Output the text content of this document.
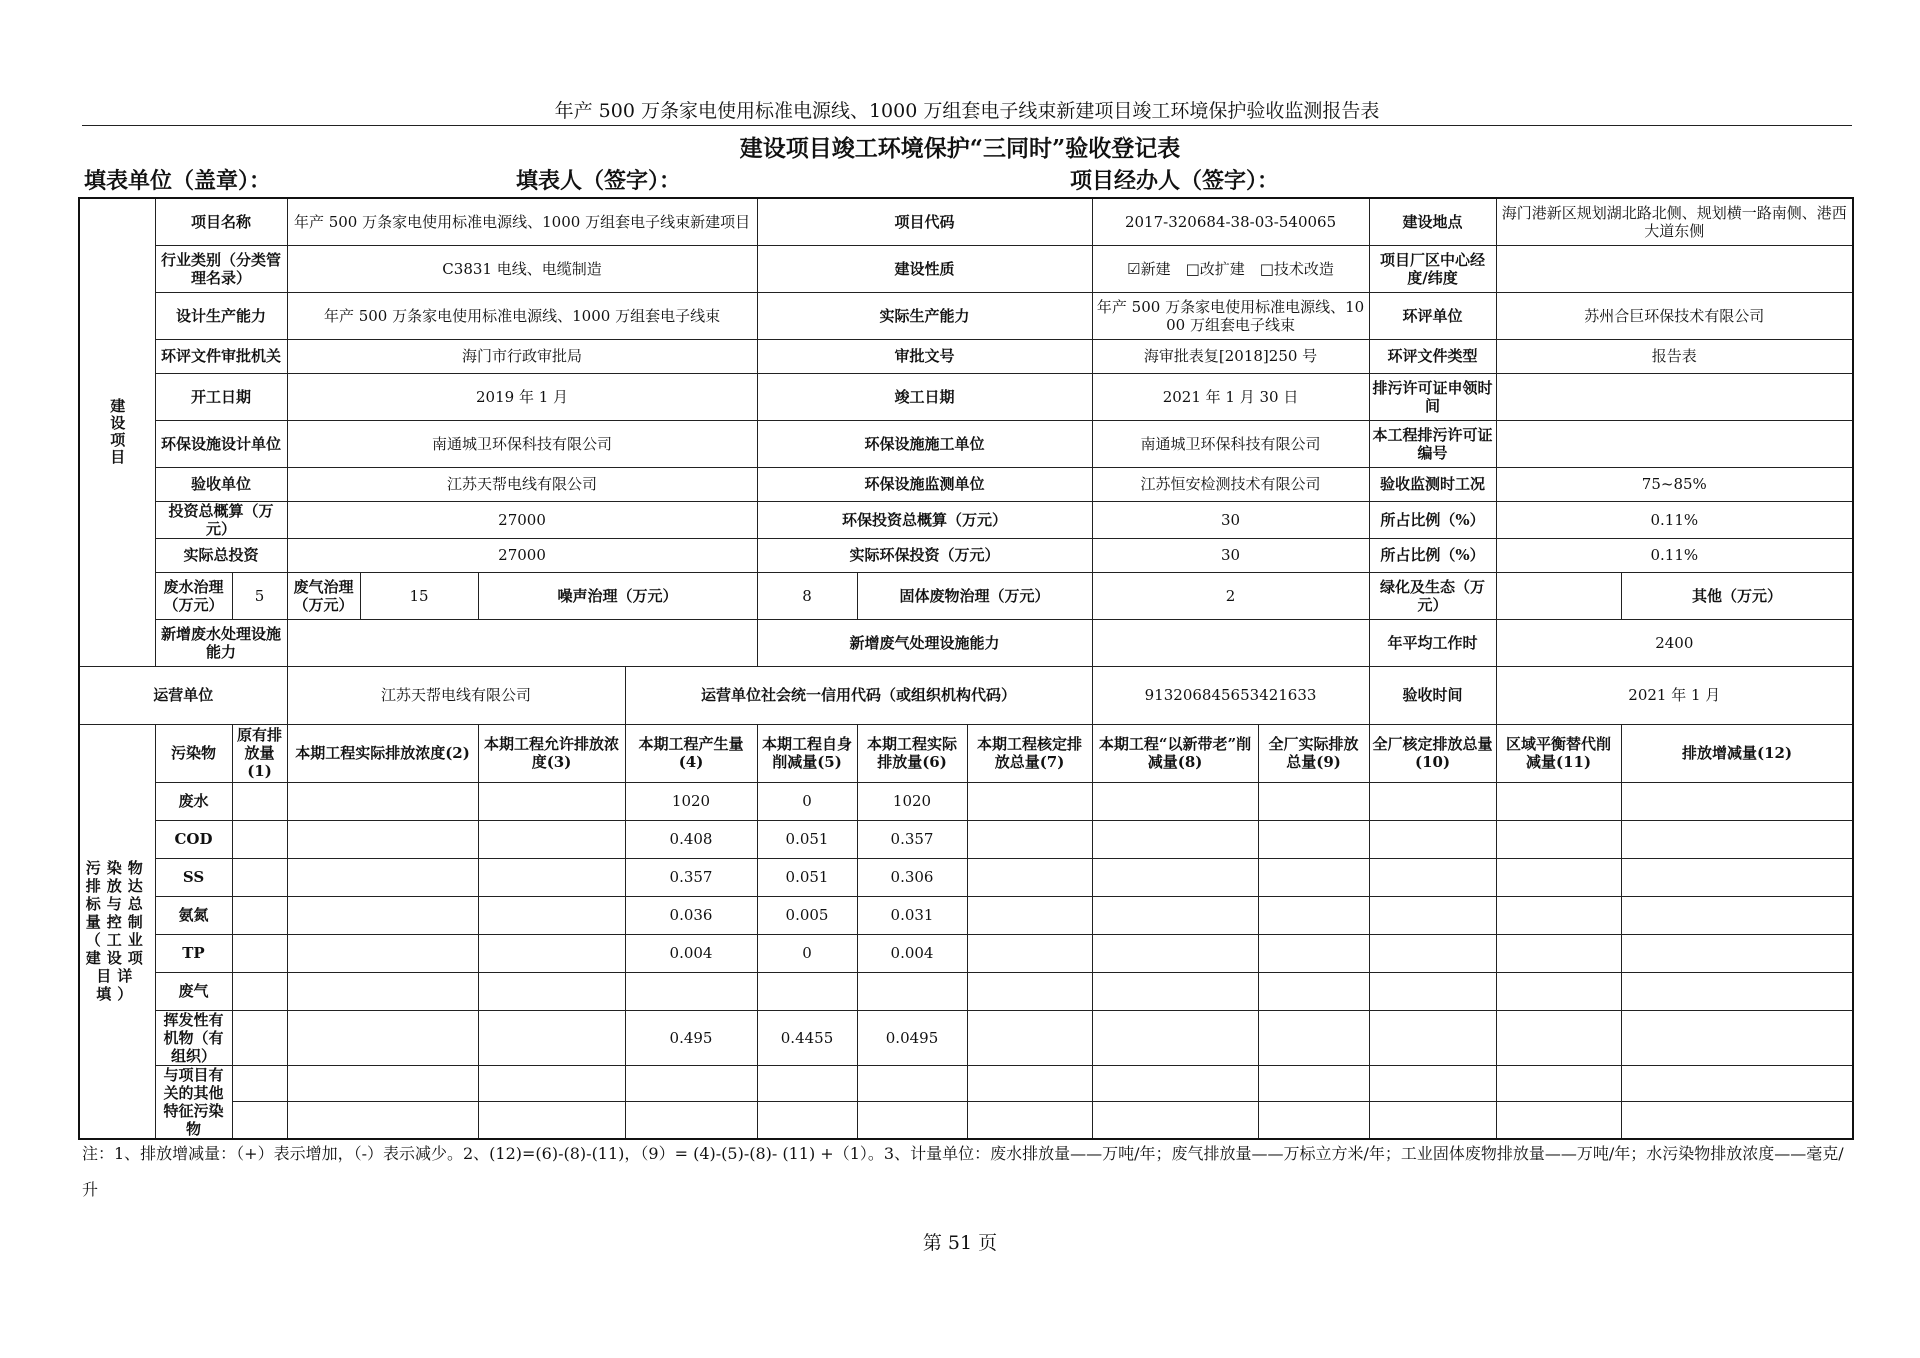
年产 500 万条家电使用标准电源线、1000 万组套电子线束新建项目竣工环境保护验收监测报告表
建设项目竣工环境保护“三同时”验收登记表
填表单位（盖章）：	填表人（签字）：	项目经办人（签字）：
建设项目	项目名称		年产 500 万条家电使用标准电源线、1000 万组套电子线束新建项目				项目代码			2017-320684-38-03-540065		建设地点	海门港新区规划湖北路北侧、规划横一路南侧、港西大道东侧		
	行业类别（分类管理名录）		C3831 电线、电缆制造				建设性质			☑新建　□改扩建　□技术改造		项目厂区中心经度/纬度			
	设计生产能力		年产 500 万条家电使用标准电源线、1000 万组套电子线束				实际生产能力			年产 500 万条家电使用标准电源线、1000 万组套电子线束		环评单位	苏州合巨环保技术有限公司		
	环评文件审批机关		海门市行政审批局				审批文号			海审批表复[2018]250 号		环评文件类型	报告表		
	开工日期		2019 年 1 月				竣工日期			2021 年 1 月 30 日		排污许可证申领时间			
	环保设施设计单位		南通城卫环保科技有限公司				环保设施施工单位			南通城卫环保科技有限公司		本工程排污许可证编号			
	验收单位		江苏天帮电线有限公司				环保设施监测单位			江苏恒安检测技术有限公司		验收监测时工况	75~85%		
	投资总概算（万元）		27000				环保投资总概算（万元）			30		所占比例（%）	0.11%		
	实际总投资		27000				实际环保投资（万元）			30		所占比例（%）	0.11%		
	废水治理（万元）	5	废气治理（万元）	15	噪声治理（万元）		8	固体废物治理（万元）		2		绿化及生态（万元）		其他（万元）	
	新增废水处理设施能力						新增废气处理设施能力					年平均工作时	2400		
运营单位			江苏天帮电线有限公司			运营单位社会统一信用代码（或组织机构代码）				913206845653421633		验收时间	2021 年 1 月		
污染物排放达标与总量控制（工业建设项目详填）	污染物	原有排放量(1)	本期工程实际排放浓度(2)		本期工程允许排放浓度(3)	本期工程产生量(4)	本期工程自身削减量(5)	本期工程实际排放量(6)	本期工程核定排放总量(7)	本期工程“以新带老”削减量(8)	全厂实际排放总量(9)	全厂核定排放总量(10)	区域平衡替代削减量(11)	排放增减量(12)	
	废水					1020	0	1020							
	COD					0.408	0.051	0.357							
	SS					0.357	0.051	0.306							
	氨氮					0.036	0.005	0.031							
	TP					0.004	0	0.004							
	废气														
	挥发性有机物（有组织）					0.495	0.4455	0.0495							
	与项目有关的其他特征污染物														

注：1、排放增减量：（+）表示增加，（-）表示减少。2、(12)=(6)-(8)-(11)，（9）= (4)-(5)-(8)- (11) +（1）。3、计量单位：废水排放量——万吨/年；废气排放量——万标立方米/年；工业固体废物排放量——万吨/年；水污染物排放浓度——毫克/升
第 51 页
